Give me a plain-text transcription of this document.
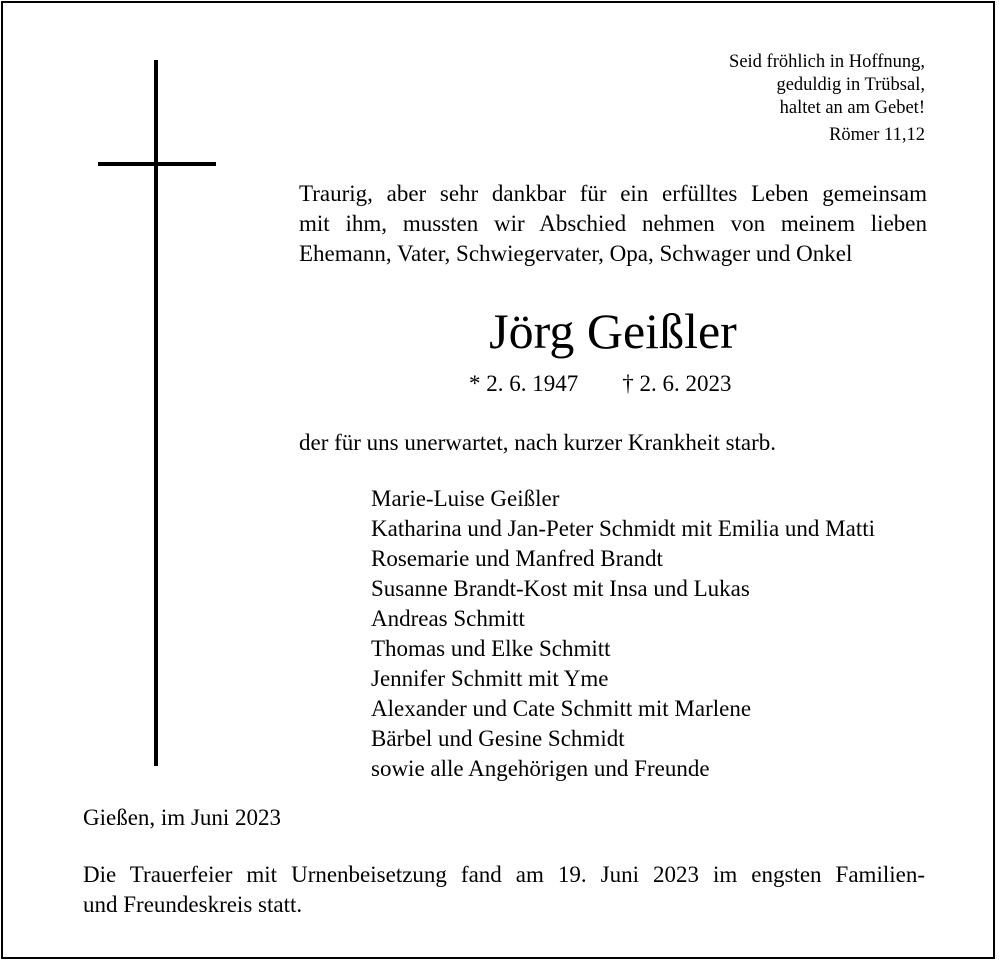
Seid fröhlich in Hoffnung,
geduldig in Trübsal,
haltet an am Gebet!
Römer 11,12
Traurig, aber sehr dankbar für ein erfülltes Leben gemeinsam
mit ihm, mussten wir Abschied nehmen von meinem lieben
Ehemann, Vater, Schwiegervater, Opa, Schwager und Onkel
Jörg Geißler
* 2. 6. 1947 † 2. 6. 2023
der für uns unerwartet, nach kurzer Krankheit starb.
Marie-Luise Geißler
Katharina und Jan-Peter Schmidt mit Emilia und Matti
Rosemarie und Manfred Brandt
Susanne Brandt-Kost mit Insa und Lukas
Andreas Schmitt
Thomas und Elke Schmitt
Jennifer Schmitt mit Yme
Alexander und Cate Schmitt mit Marlene
Bärbel und Gesine Schmidt
sowie alle Angehörigen und Freunde
Gießen, im Juni 2023
Die Trauerfeier mit Urnenbeisetzung fand am 19. Juni 2023 im engsten Familien-
und Freundeskreis statt.
